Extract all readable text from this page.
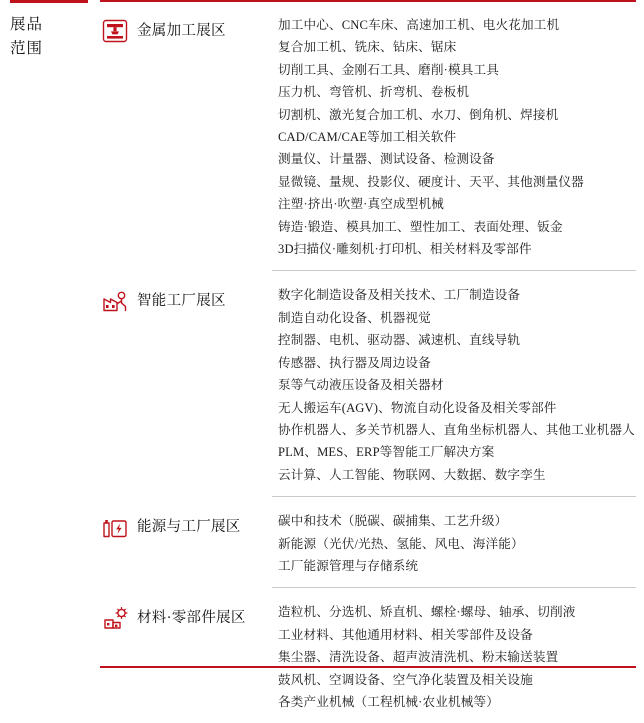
展品
范围
金属加工展区	加工中心、CNC车床、高速加工机、电火花加工机
复合加工机、铣床、钻床、锯床
切削工具、金刚石工具、磨削·模具工具
压力机、弯管机、折弯机、卷板机
切割机、激光复合加工机、水刀、倒角机、焊接机
CAD/CAM/CAE等加工相关软件
测量仪、计量器、测试设备、检测设备
显微镜、量规、投影仪、硬度计、天平、其他测量仪器
注塑·挤出·吹塑·真空成型机械
铸造·锻造、模具加工、塑性加工、表面处理、钣金
3D扫描仪·雕刻机·打印机、相关材料及零部件
智能工厂展区	数字化制造设备及相关技术、工厂制造设备
制造自动化设备、机器视觉
控制器、电机、驱动器、减速机、直线导轨
传感器、执行器及周边设备
泵等气动液压设备及相关器材
无人搬运车(AGV)、物流自动化设备及相关零部件
协作机器人、多关节机器人、直角坐标机器人、其他工业机器人
PLM、MES、ERP等智能工厂解决方案
云计算、人工智能、物联网、大数据、数字孪生
能源与工厂展区	碳中和技术（脱碳、碳捕集、工艺升级）
新能源（光伏/光热、氢能、风电、海洋能）
工厂能源管理与存储系统
材料·零部件展区	造粒机、分选机、矫直机、螺栓·螺母、轴承、切削液
工业材料、其他通用材料、相关零部件及设备
集尘器、清洗设备、超声波清洗机、粉末输送装置
鼓风机、空调设备、空气净化装置及相关设施
各类产业机械（工程机械·农业机械等）
